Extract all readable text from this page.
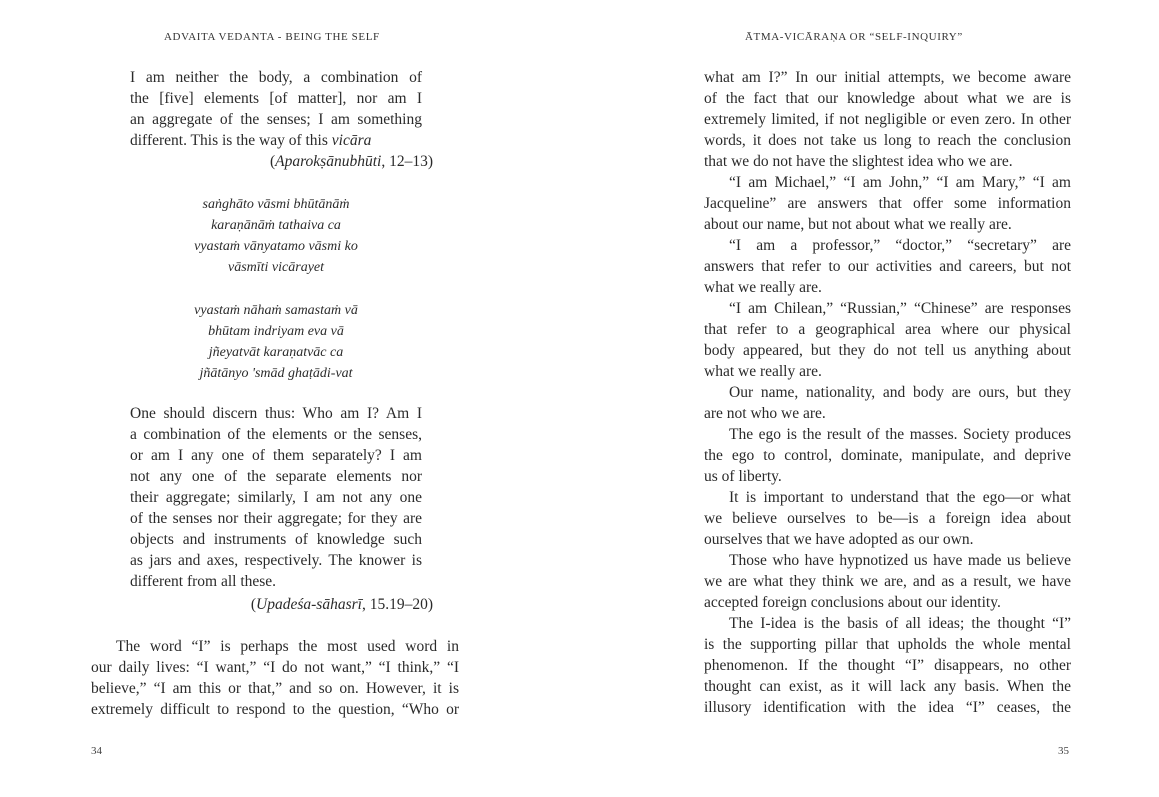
ADVAITA VEDANTA - BEING THE SELF
I am neither the body, a combination of
the [five] elements [of matter], nor am I
an aggregate of the senses; I am something
different. This is the way of this vicāra
(Aparokṣānubhūti, 12–13)
saṅghāto vāsmi bhūtānāṁ
karaṇānāṁ tathaiva ca
vyastaṁ vānyatamo vāsmi ko
vāsmīti vicārayet
vyastaṁ nāhaṁ samastaṁ vā
bhūtam indriyam eva vā
jñeyatvāt karaṇatvāc ca
jñātānyo 'smād ghaṭādi-vat
One should discern thus: Who am I? Am I
a combination of the elements or the senses,
or am I any one of them separately? I am
not any one of the separate elements nor
their aggregate; similarly, I am not any one
of the senses nor their aggregate; for they are
objects and instruments of knowledge such
as jars and axes, respectively. The knower is
different from all these.
(Upadeśa-sāhasrī, 15.19–20)
The word “I” is perhaps the most used word in
our daily lives: “I want,” “I do not want,” “I think,” “I
believe,” “I am this or that,” and so on. However, it is
extremely difficult to respond to the question, “Who or
34
ĀTMA-VICĀRAṆA OR “SELF-INQUIRY”
what am I?” In our initial attempts, we become aware
of the fact that our knowledge about what we are is
extremely limited, if not negligible or even zero. In other
words, it does not take us long to reach the conclusion
that we do not have the slightest idea who we are.
“I am Michael,” “I am John,” “I am Mary,” “I am
Jacqueline” are answers that offer some information
about our name, but not about what we really are.
“I am a professor,” “doctor,” “secretary” are
answers that refer to our activities and careers, but not
what we really are.
“I am Chilean,” “Russian,” “Chinese” are responses
that refer to a geographical area where our physical
body appeared, but they do not tell us anything about
what we really are.
Our name, nationality, and body are ours, but they
are not who we are.
The ego is the result of the masses. Society produces
the ego to control, dominate, manipulate, and deprive
us of liberty.
It is important to understand that the ego—or what
we believe ourselves to be—is a foreign idea about
ourselves that we have adopted as our own.
Those who have hypnotized us have made us believe
we are what they think we are, and as a result, we have
accepted foreign conclusions about our identity.
The I-idea is the basis of all ideas; the thought “I”
is the supporting pillar that upholds the whole mental
phenomenon. If the thought “I” disappears, no other
thought can exist, as it will lack any basis. When the
illusory identification with the idea “I” ceases, the
35
